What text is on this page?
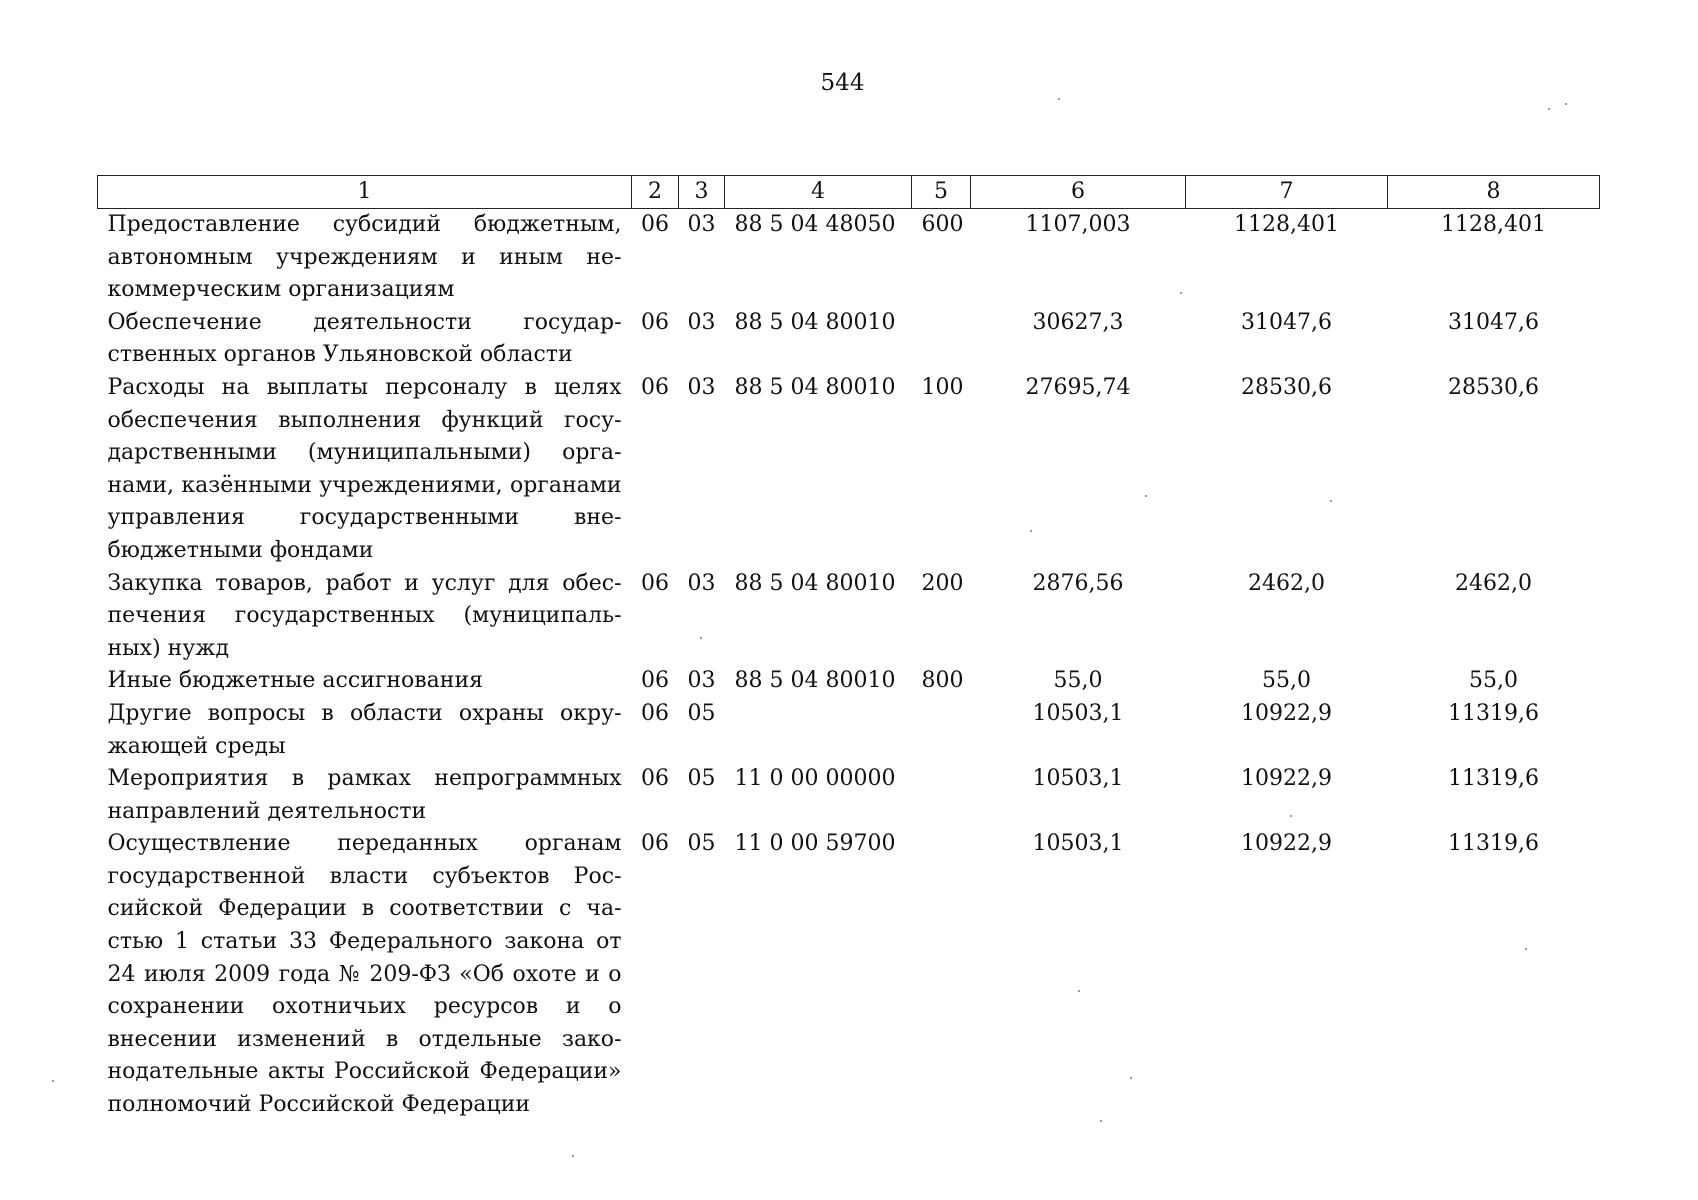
544
1	2	3	4	5	6	7	8
Предоставление субсидий бюджетным, автономным учреждениям и иным некоммерческим организациям	06	03	88 5 04 48050	600	1107,003	1128,401	1128,401
Обеспечение деятельности государственных органов Ульяновской области	06	03	88 5 04 80010		30627,3	31047,6	31047,6
Расходы на выплаты персоналу в целях обеспечения выполнения функций государственными (муниципальными) органами, казёнными учреждениями, органами управления государственными внебюджетными фондами	06	03	88 5 04 80010	100	27695,74	28530,6	28530,6
Закупка товаров, работ и услуг для обеспечения государственных (муниципальных) нужд	06	03	88 5 04 80010	200	2876,56	2462,0	2462,0
Иные бюджетные ассигнования	06	03	88 5 04 80010	800	55,0	55,0	55,0
Другие вопросы в области охраны окружающей среды	06	05			10503,1	10922,9	11319,6
Мероприятия в рамках непрограммных направлений деятельности	06	05	11 0 00 00000		10503,1	10922,9	11319,6
Осуществление переданных органам государственной власти субъектов Российской Федерации в соответствии с частью 1 статьи 33 Федерального закона от 24 июля 2009 года № 209-ФЗ «Об охоте и о сохранении охотничьих ресурсов и о внесении изменений в отдельные законодательные акты Российской Федерации» полномочий Российской Федерации	06	05	11 0 00 59700		10503,1	10922,9	11319,6
